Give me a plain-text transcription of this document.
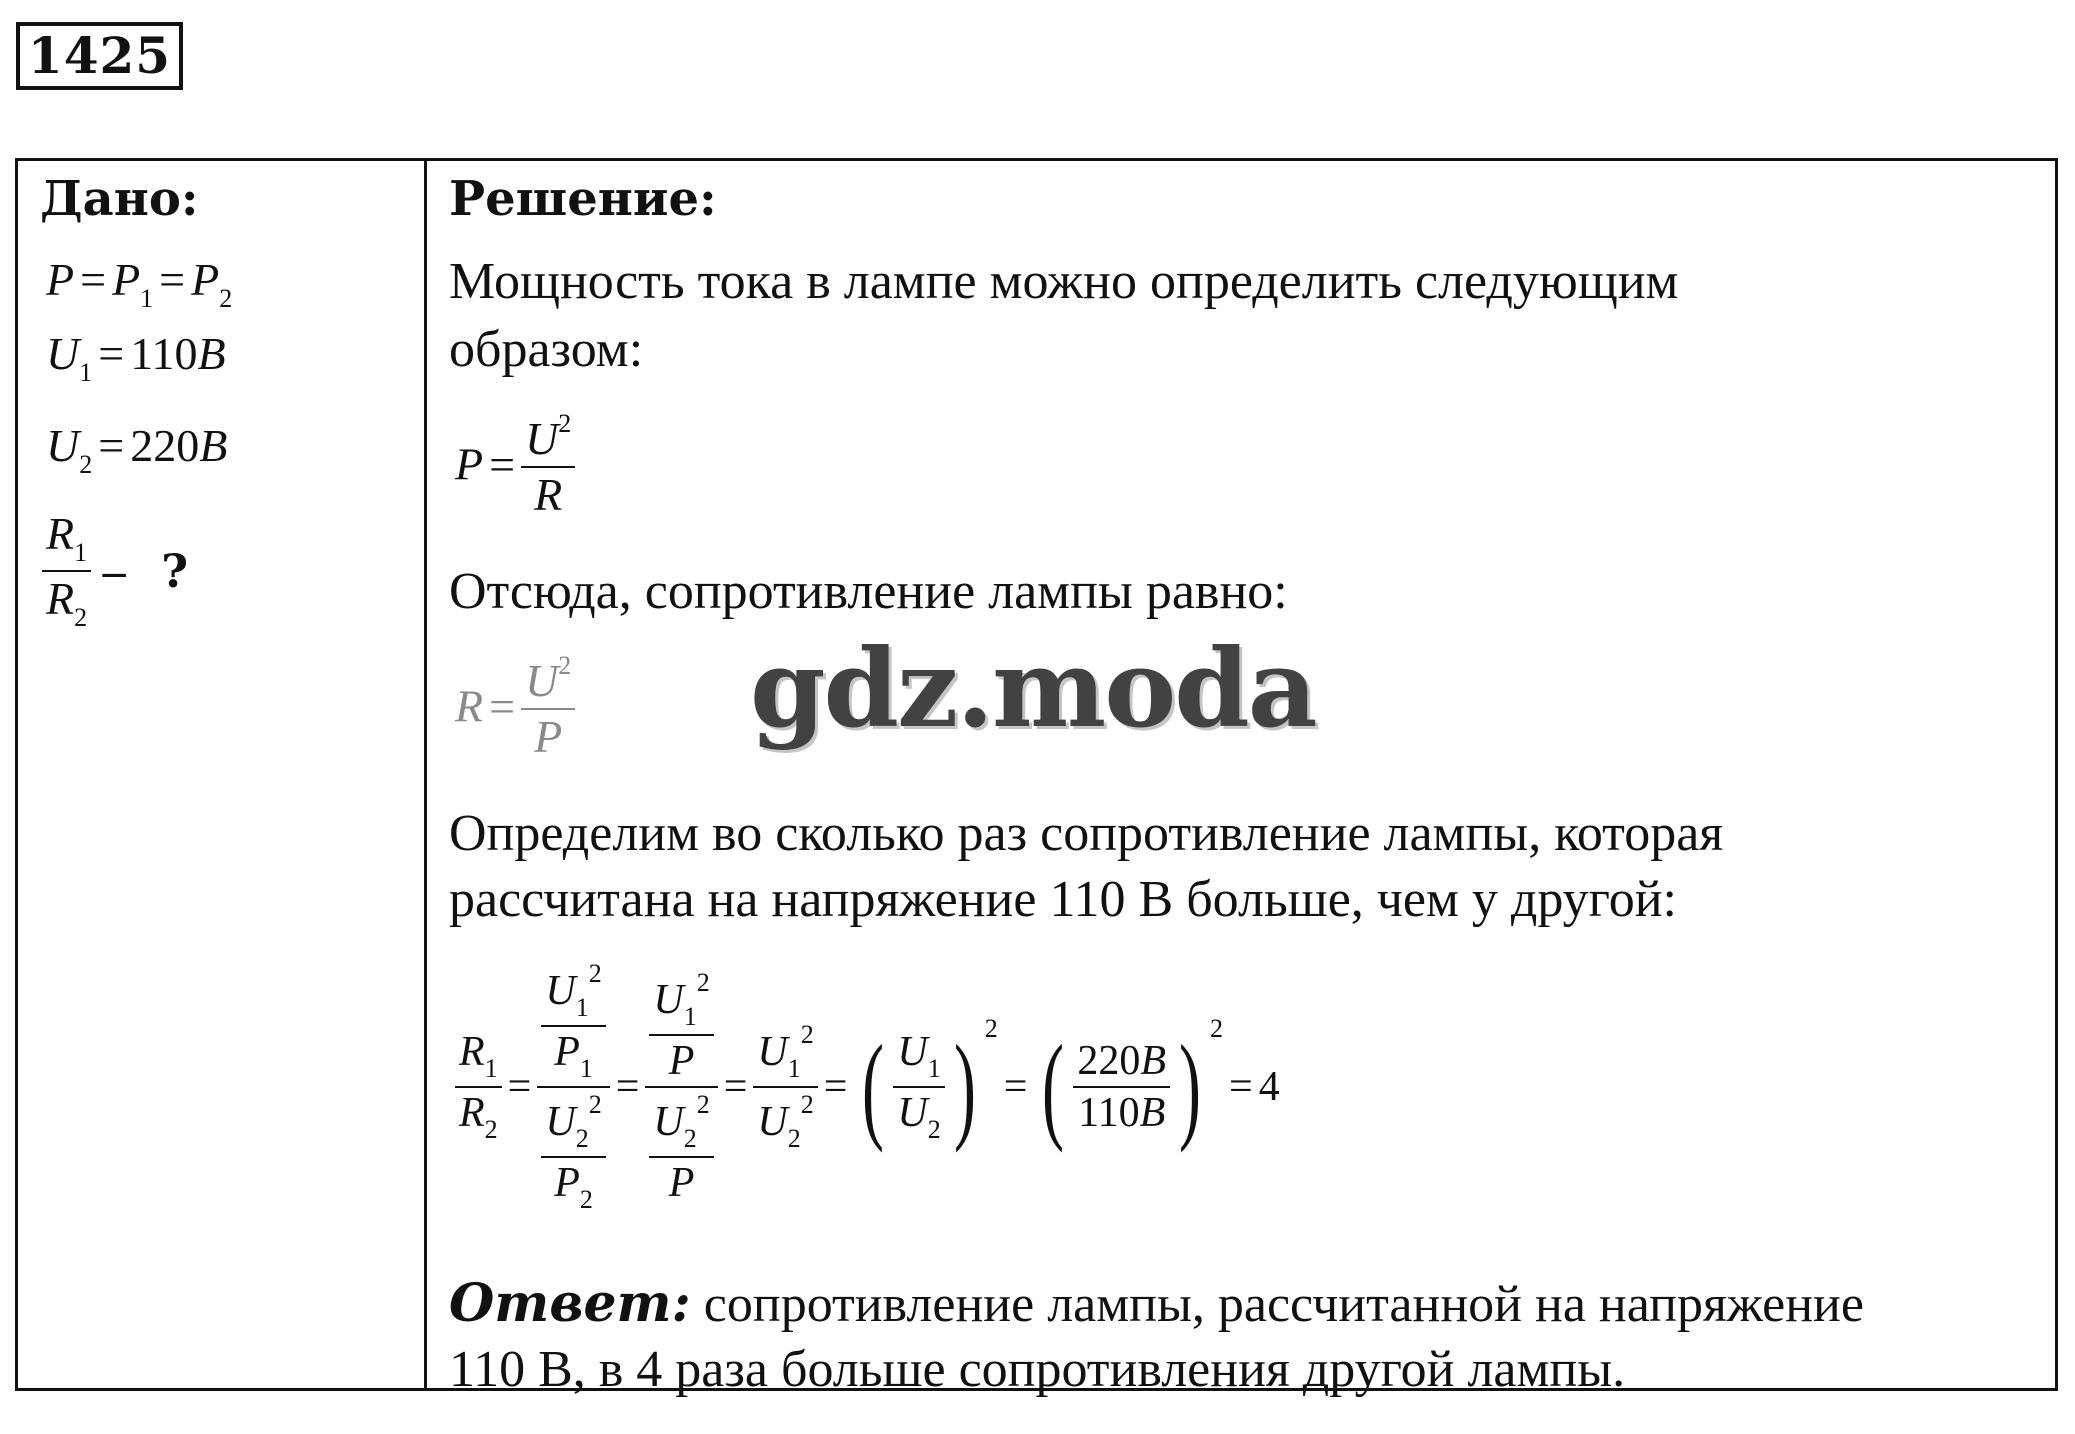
1425
Дано:
$P = P_1 = P_2$
$U_1 = 110B$
$U_2 = 220B$
$\frac{R_1}{R_2}$ – ?
Решение:
Мощность тока в лампе можно определить следующим
образом:
$P = \frac{U^2}{R}$
Отсюда, сопротивление лампы равно:
$R = \frac{U^2}{P}$
Определим во сколько раз сопротивление лампы, которая
рассчитана на напряжение 110 В больше, чем у другой:
$\frac{R_1}{R_2} = \frac{\frac{U_1^2}{P_1}}{\frac{U_2^2}{P_2}} = \frac{\frac{U_1^2}{P}}{\frac{U_2^2}{P}} = \frac{U_1^2}{U_2^2}$ = ( $\frac{U_1}{U_2}$ ) 2= ( $\frac{220B}{110B}$ ) 2= 4
Ответ: сопротивление лампы, рассчитанной на напряжение
110 В, в 4 раза больше сопротивления другой лампы.
gdz.moda
